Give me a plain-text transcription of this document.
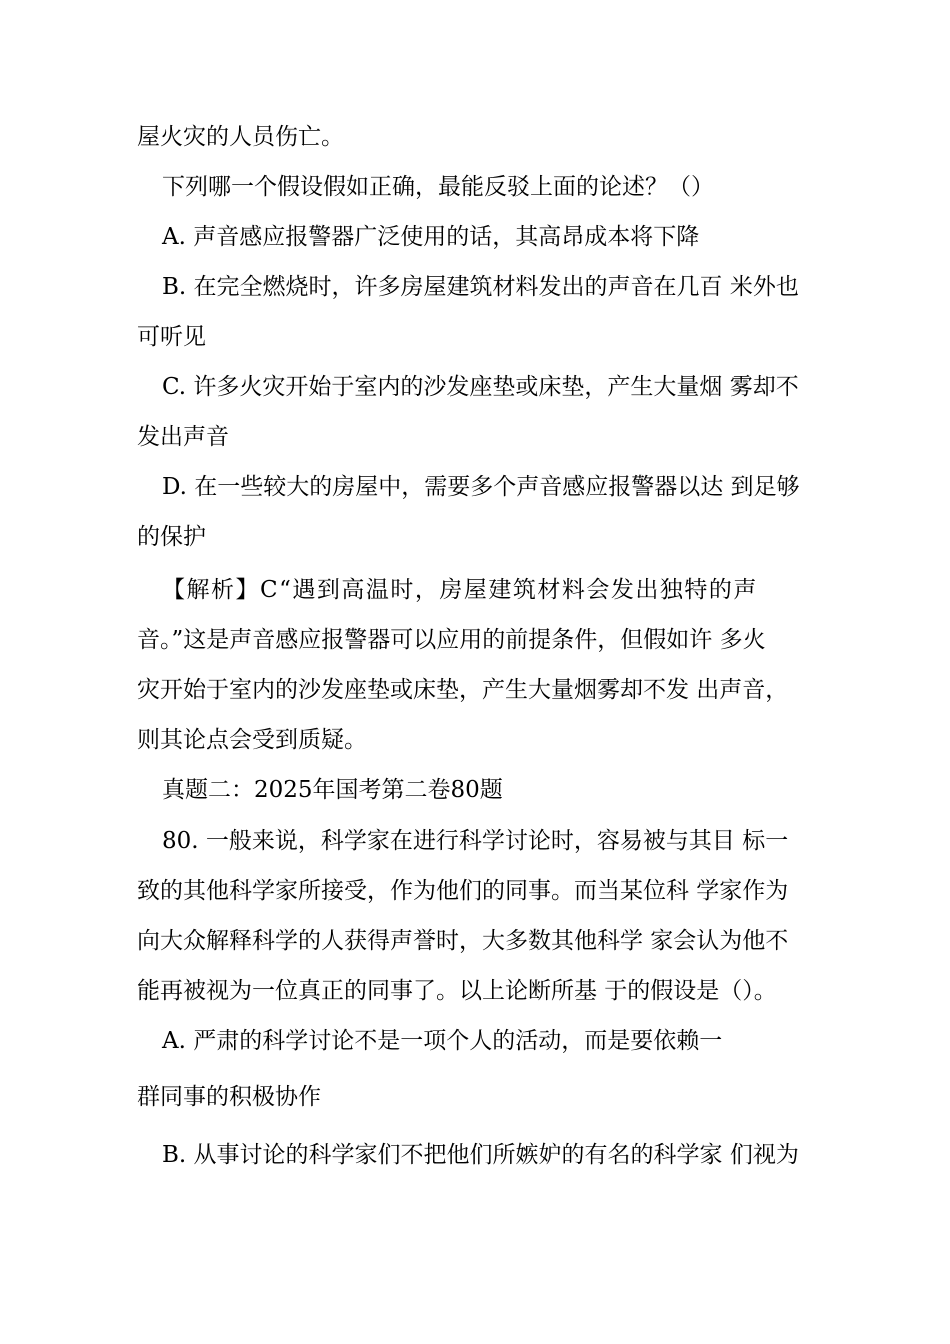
屋火灾的人员伤亡。
下列哪一个假设假如正确，最能反驳上面的论述？（）
A. 声音感应报警器广泛使用的话，其高昂成本将下降
B. 在完全燃烧时，许多房屋建筑材料发出的声音在几百 米外也
可听见
C. 许多火灾开始于室内的沙发座垫或床垫，产生大量烟 雾却不
发出声音
D. 在一些较大的房屋中，需要多个声音感应报警器以达 到足够
的保护
【解析】C“遇到高温时，房屋建筑材料会发出独特的声
音。”这是声音感应报警器可以应用的前提条件，但假如许 多火
灾开始于室内的沙发座垫或床垫，产生大量烟雾却不发 出声音，
则其论点会受到质疑。
真题二：2025年国考第二卷80题
80. 一般来说，科学家在进行科学讨论时，容易被与其目 标一
致的其他科学家所接受，作为他们的同事。而当某位科 学家作为
向大众解释科学的人获得声誉时，大多数其他科学 家会认为他不
能再被视为一位真正的同事了。以上论断所基 于的假设是（）。
A. 严肃的科学讨论不是一项个人的活动，而是要依赖一
群同事的积极协作
B. 从事讨论的科学家们不把他们所嫉妒的有名的科学家 们视为
